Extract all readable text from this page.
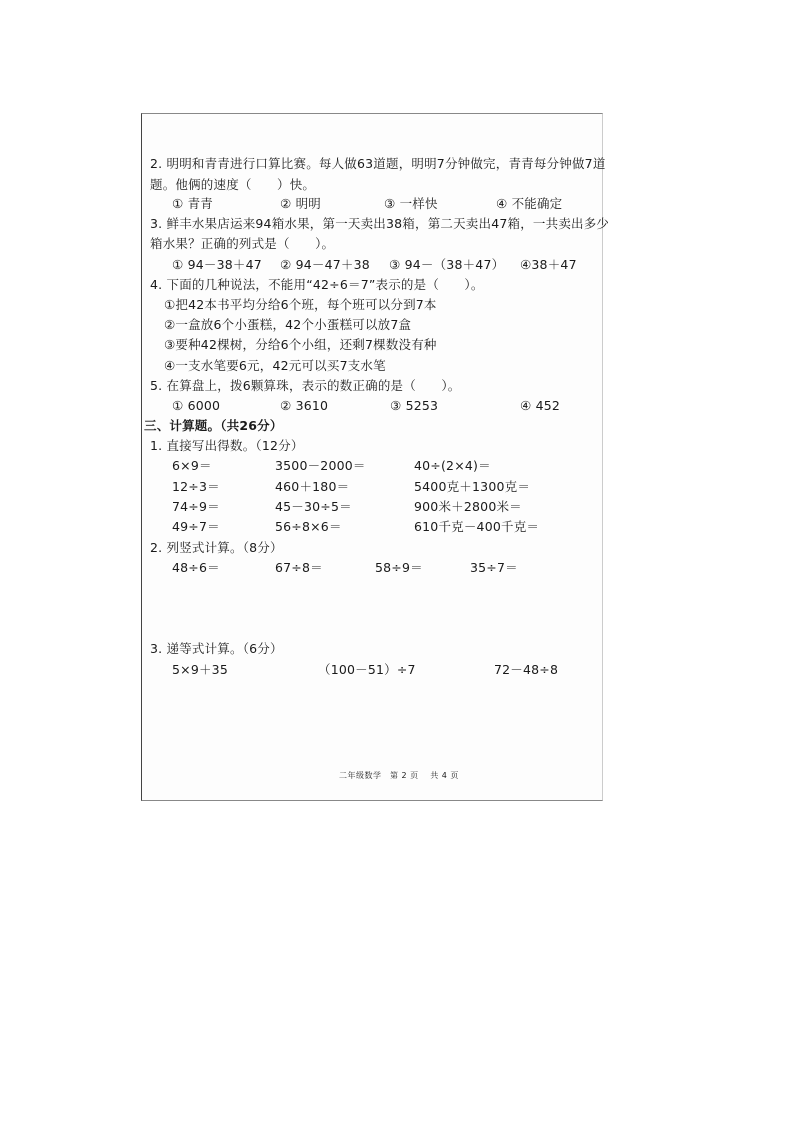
2. 明明和青青进行口算比赛。每人做63道题，明明7分钟做完，青青每分钟做7道
题。他俩的速度（　　）快。
① 青青	② 明明	③ 一样快	④ 不能确定
3. 鲜丰水果店运来94箱水果，第一天卖出38箱，第二天卖出47箱，一共卖出多少
箱水果？正确的列式是（　　）。
① 94－38＋47 ② 94－47＋38 ③ 94－（38＋47） ④38＋47
4. 下面的几种说法，不能用“42÷6＝7”表示的是（　　）。
①把42本书平均分给6个班，每个班可以分到7本
②一盒放6个小蛋糕，42个小蛋糕可以放7盒
③要种42棵树，分给6个小组，还剩7棵数没有种
④一支水笔要6元，42元可以买7支水笔
5. 在算盘上，拨6颗算珠，表示的数正确的是（　　）。
① 6000	② 3610	③ 5253	④ 452
三、计算题。（共26分）
1. 直接写出得数。（12分）
6×9＝	3500－2000＝	40÷(2×4)＝
12÷3＝	460＋180＝	5400克＋1300克＝
74÷9＝	45－30÷5＝	900米＋2800米＝
49÷7＝	56÷8×6＝	610千克－400千克＝
2. 列竖式计算。（8分）
48÷6＝	67÷8＝	58÷9＝	35÷7＝
3. 递等式计算。（6分）
5×9＋35	（100－51）÷7	72－48÷8
二年级数学　第 2 页　 共 4 页
